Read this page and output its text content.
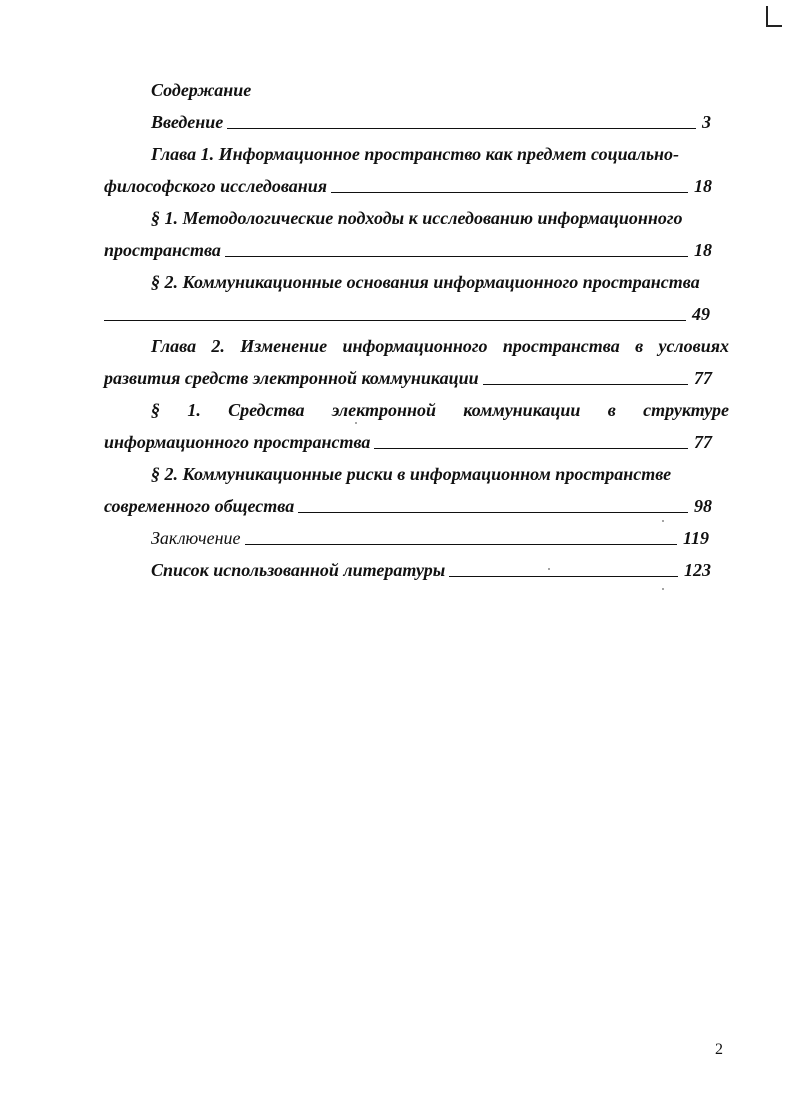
Содержание
Введение	3
Глава 1. Информационное пространство как предмет социально-
философского исследования	18
§ 1. Методологические подходы к исследованию информационного
пространства	18
§ 2. Коммуникационные основания информационного пространства
49
Глава 2. Изменение информационного пространства в условиях
развития средств электронной коммуникации	77
§ 1. Средства электронной коммуникации в структуре
информационного пространства	77
§ 2. Коммуникационные риски в информационном пространстве
современного общества	98
Заключение	119
Список использованной литературы	123
2
